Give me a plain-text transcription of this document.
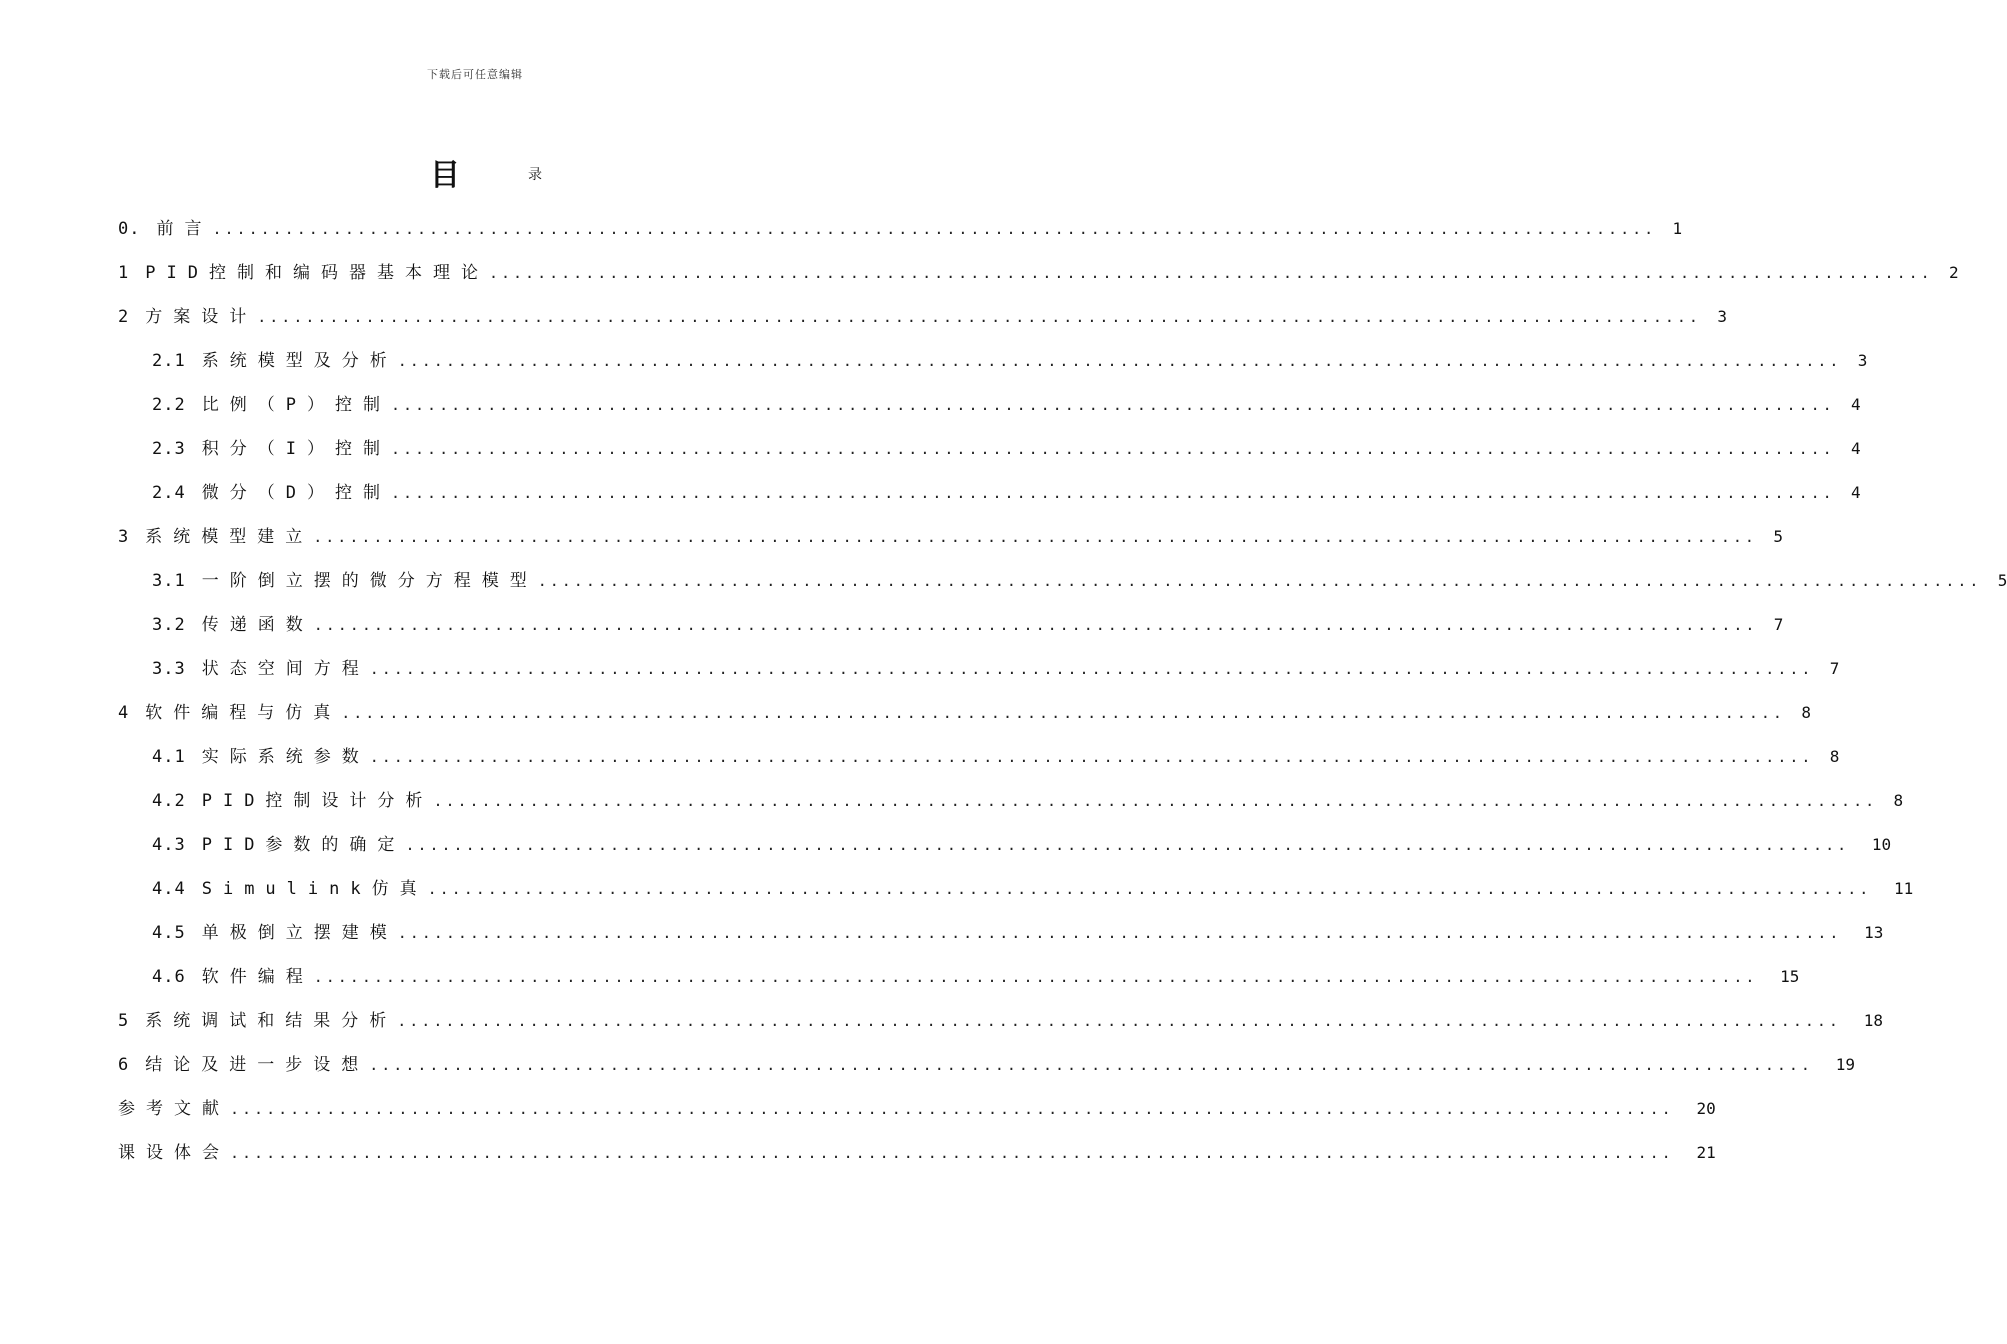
下载后可任意编辑
目	录
0. 前言 ........................................................................................................................	1
1 PID控制和编码器基本理论 ........................................................................................................................	2
2 方案设计 ........................................................................................................................	3
2.1 系统模型及分析 ........................................................................................................................	3
2.2 比例（P）控制 ........................................................................................................................	4
2.3 积分（I）控制 ........................................................................................................................	4
2.4 微分（D）控制 ........................................................................................................................	4
3 系统模型建立 ........................................................................................................................	5
3.1 一阶倒立摆的微分方程模型 ........................................................................................................................	5
3.2 传递函数 ........................................................................................................................	7
3.3 状态空间方程 ........................................................................................................................	7
4 软件编程与仿真 ........................................................................................................................	8
4.1 实际系统参数 ........................................................................................................................	8
4.2 PID控制设计分析 ........................................................................................................................	8
4.3 PID参数的确定 ........................................................................................................................	10
4.4 Simulink仿真 ........................................................................................................................	11
4.5 单极倒立摆建模 ........................................................................................................................	13
4.6 软件编程 ........................................................................................................................	15
5 系统调试和结果分析 ........................................................................................................................	18
6 结论及进一步设想 ........................................................................................................................	19
参考文献 ........................................................................................................................	20
课设体会 ........................................................................................................................	21
